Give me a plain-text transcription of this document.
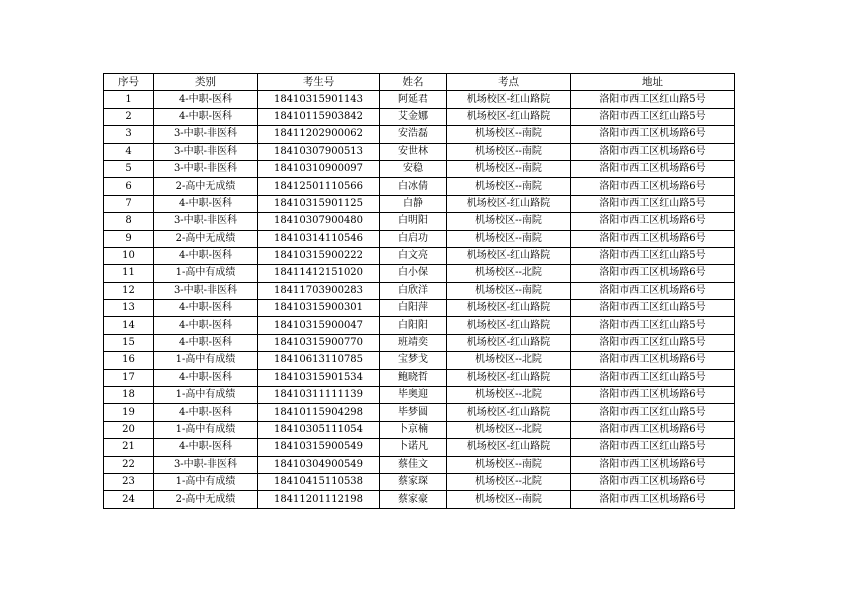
序号	类别	考生号	姓名	考点	地址
1	4-中职-医科	18410315901143	阿延君	机场校区-红山路院	洛阳市西工区红山路5号
2	4-中职-医科	18410115903842	艾金娜	机场校区-红山路院	洛阳市西工区红山路5号
3	3-中职-非医科	18411202900062	安浩磊	机场校区--南院	洛阳市西工区机场路6号
4	3-中职-非医科	18410307900513	安世林	机场校区--南院	洛阳市西工区机场路6号
5	3-中职-非医科	18410310900097	安稳	机场校区--南院	洛阳市西工区机场路6号
6	2-高中无成绩	18412501110566	白冰倩	机场校区--南院	洛阳市西工区机场路6号
7	4-中职-医科	18410315901125	白静	机场校区-红山路院	洛阳市西工区红山路5号
8	3-中职-非医科	18410307900480	白明阳	机场校区--南院	洛阳市西工区机场路6号
9	2-高中无成绩	18410314110546	白启功	机场校区--南院	洛阳市西工区机场路6号
10	4-中职-医科	18410315900222	白文亮	机场校区-红山路院	洛阳市西工区红山路5号
11	1-高中有成绩	18411412151020	白小保	机场校区--北院	洛阳市西工区机场路6号
12	3-中职-非医科	18411703900283	白欣洋	机场校区--南院	洛阳市西工区机场路6号
13	4-中职-医科	18410315900301	白阳萍	机场校区-红山路院	洛阳市西工区红山路5号
14	4-中职-医科	18410315900047	白阳阳	机场校区-红山路院	洛阳市西工区红山路5号
15	4-中职-医科	18410315900770	班靖奕	机场校区-红山路院	洛阳市西工区红山路5号
16	1-高中有成绩	18410613110785	宝梦戈	机场校区--北院	洛阳市西工区机场路6号
17	4-中职-医科	18410315901534	鲍晓哲	机场校区-红山路院	洛阳市西工区红山路5号
18	1-高中有成绩	18410311111139	毕奥迎	机场校区--北院	洛阳市西工区机场路6号
19	4-中职-医科	18410115904298	毕梦圆	机场校区-红山路院	洛阳市西工区红山路5号
20	1-高中有成绩	18410305111054	卜京楠	机场校区--北院	洛阳市西工区机场路6号
21	4-中职-医科	18410315900549	卜诺凡	机场校区-红山路院	洛阳市西工区红山路5号
22	3-中职-非医科	18410304900549	蔡佳文	机场校区--南院	洛阳市西工区机场路6号
23	1-高中有成绩	18410415110538	蔡家琛	机场校区--北院	洛阳市西工区机场路6号
24	2-高中无成绩	18411201112198	蔡家豪	机场校区--南院	洛阳市西工区机场路6号
